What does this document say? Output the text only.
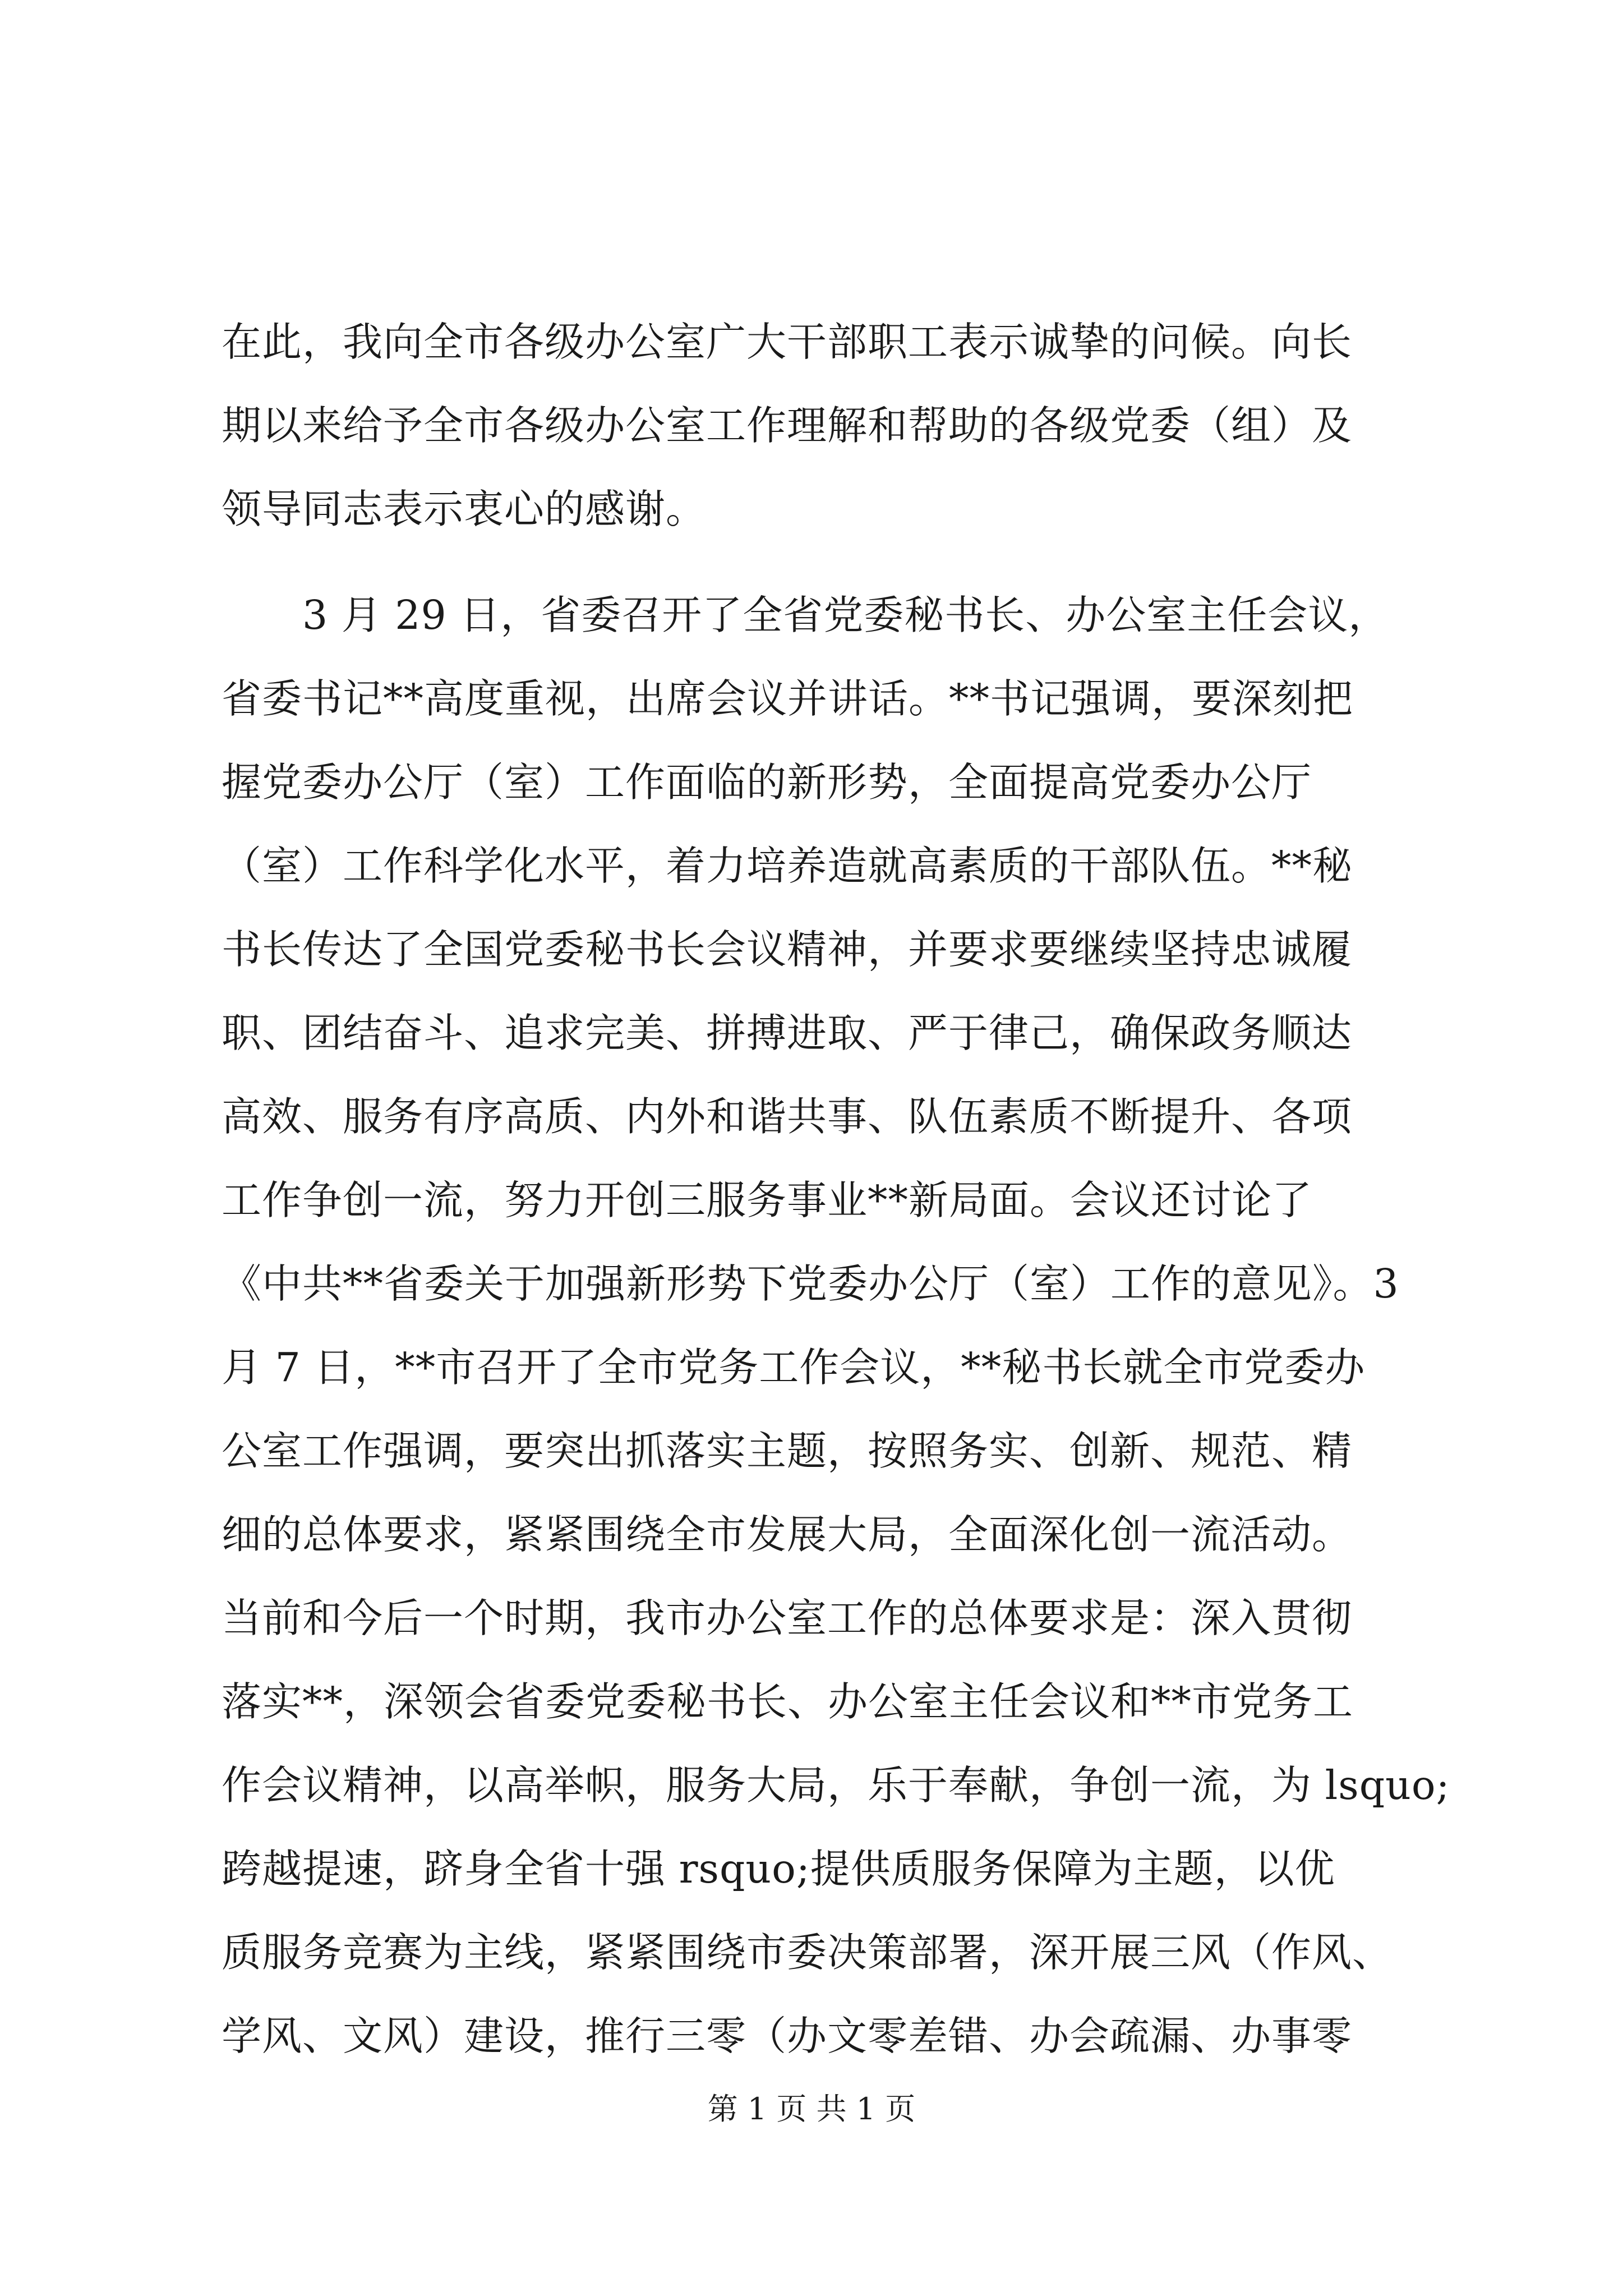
在此，我向全市各级办公室广大干部职工表示诚挚的问候。向长
期以来给予全市各级办公室工作理解和帮助的各级党委（组）及
领导同志表示衷心的感谢。
　　3 月 29 日，省委召开了全省党委秘书长、办公室主任会议，
省委书记**高度重视，出席会议并讲话。**书记强调，要深刻把
握党委办公厅（室）工作面临的新形势，全面提高党委办公厅
（室）工作科学化水平，着力培养造就高素质的干部队伍。**秘
书长传达了全国党委秘书长会议精神，并要求要继续坚持忠诚履
职、团结奋斗、追求完美、拼搏进取、严于律己，确保政务顺达
高效、服务有序高质、内外和谐共事、队伍素质不断提升、各项
工作争创一流，努力开创三服务事业**新局面。会议还讨论了
《中共**省委关于加强新形势下党委办公厅（室）工作的意见》。3
月 7 日，**市召开了全市党务工作会议，**秘书长就全市党委办
公室工作强调，要突出抓落实主题，按照务实、创新、规范、精
细的总体要求，紧紧围绕全市发展大局，全面深化创一流活动。
当前和今后一个时期，我市办公室工作的总体要求是：深入贯彻
落实**，深领会省委党委秘书长、办公室主任会议和**市党务工
作会议精神，以高举帜，服务大局，乐于奉献，争创一流，为 lsquo;
跨越提速，跻身全省十强 rsquo;提供质服务保障为主题，以优
质服务竞赛为主线，紧紧围绕市委决策部署，深开展三风（作风、
学风、文风）建设，推行三零（办文零差错、办会疏漏、办事零
第 1 页 共 1 页
